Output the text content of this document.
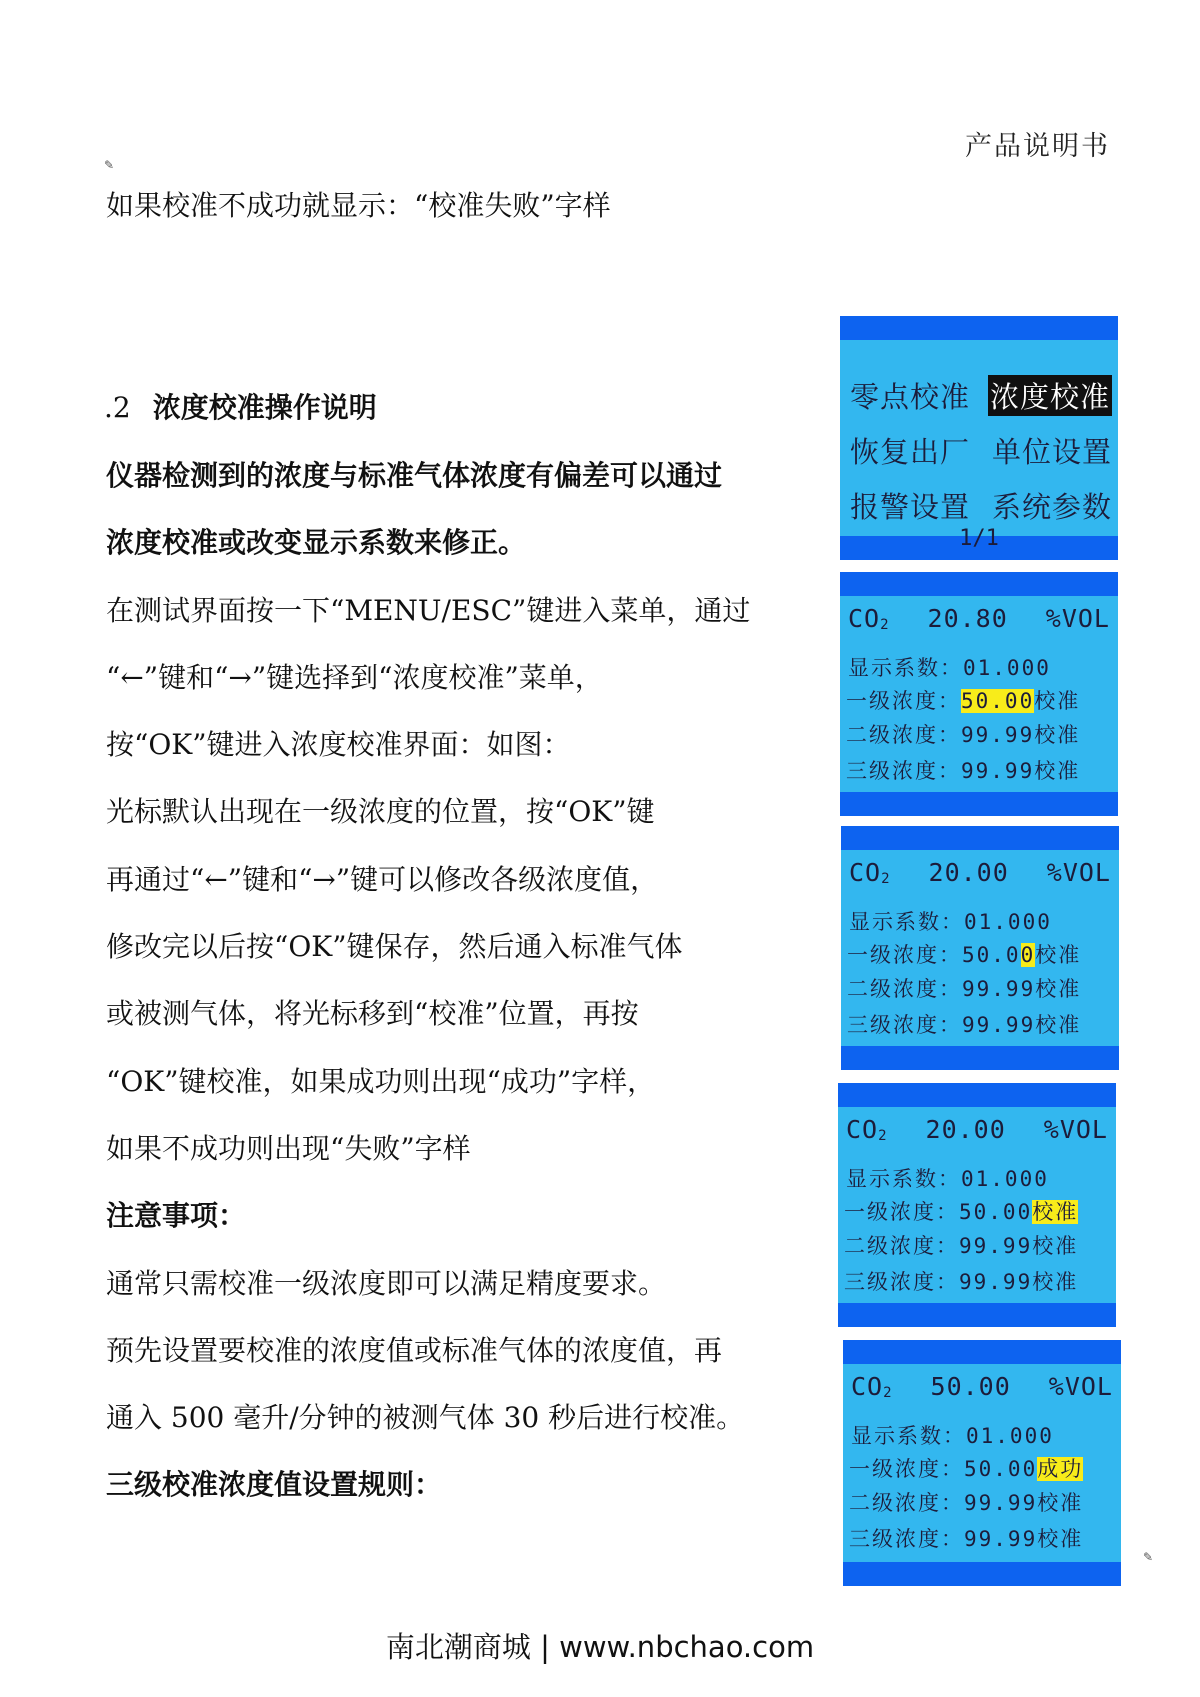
产品说明书
✎
✎
如果校准不成功就显示：“校准失败”字样
.2 浓度校准操作说明
仪器检测到的浓度与标准气体浓度有偏差可以通过
浓度校准或改变显示系数来修正。
在测试界面按一下“MENU/ESC”键进入菜单，通过
“←”键和“→”键选择到“浓度校准”菜单，
按“OK”键进入浓度校准界面：如图：
光标默认出现在一级浓度的位置，按“OK”键
再通过“←”键和“→”键可以修改各级浓度值，
修改完以后按“OK”键保存，然后通入标准气体
或被测气体，将光标移到“校准”位置，再按
“OK”键校准，如果成功则出现“成功”字样，
如果不成功则出现“失败”字样
注意事项：
通常只需校准一级浓度即可以满足精度要求。
预先设置要校准的浓度值或标准气体的浓度值，再
通入 500 毫升/分钟的被测气体 30 秒后进行校准。
三级校准浓度值设置规则：
零点校准 浓度校准
恢复出厂 单位设置
报警设置 系统参数
1/1
$CO_2$ 20.80 %VOL
显示系数：01.000
一级浓度：50.00校准
二级浓度：99.99校准
三级浓度：99.99校准
$CO_2$ 20.00 %VOL
显示系数：01.000
一级浓度：50.00校准
二级浓度：99.99校准
三级浓度：99.99校准
$CO_2$ 20.00 %VOL
显示系数：01.000
一级浓度：50.00校准
二级浓度：99.99校准
三级浓度：99.99校准
$CO_2$ 50.00 %VOL
显示系数：01.000
一级浓度：50.00成功
二级浓度：99.99校准
三级浓度：99.99校准
南北潮商城 | www.nbchao.com
